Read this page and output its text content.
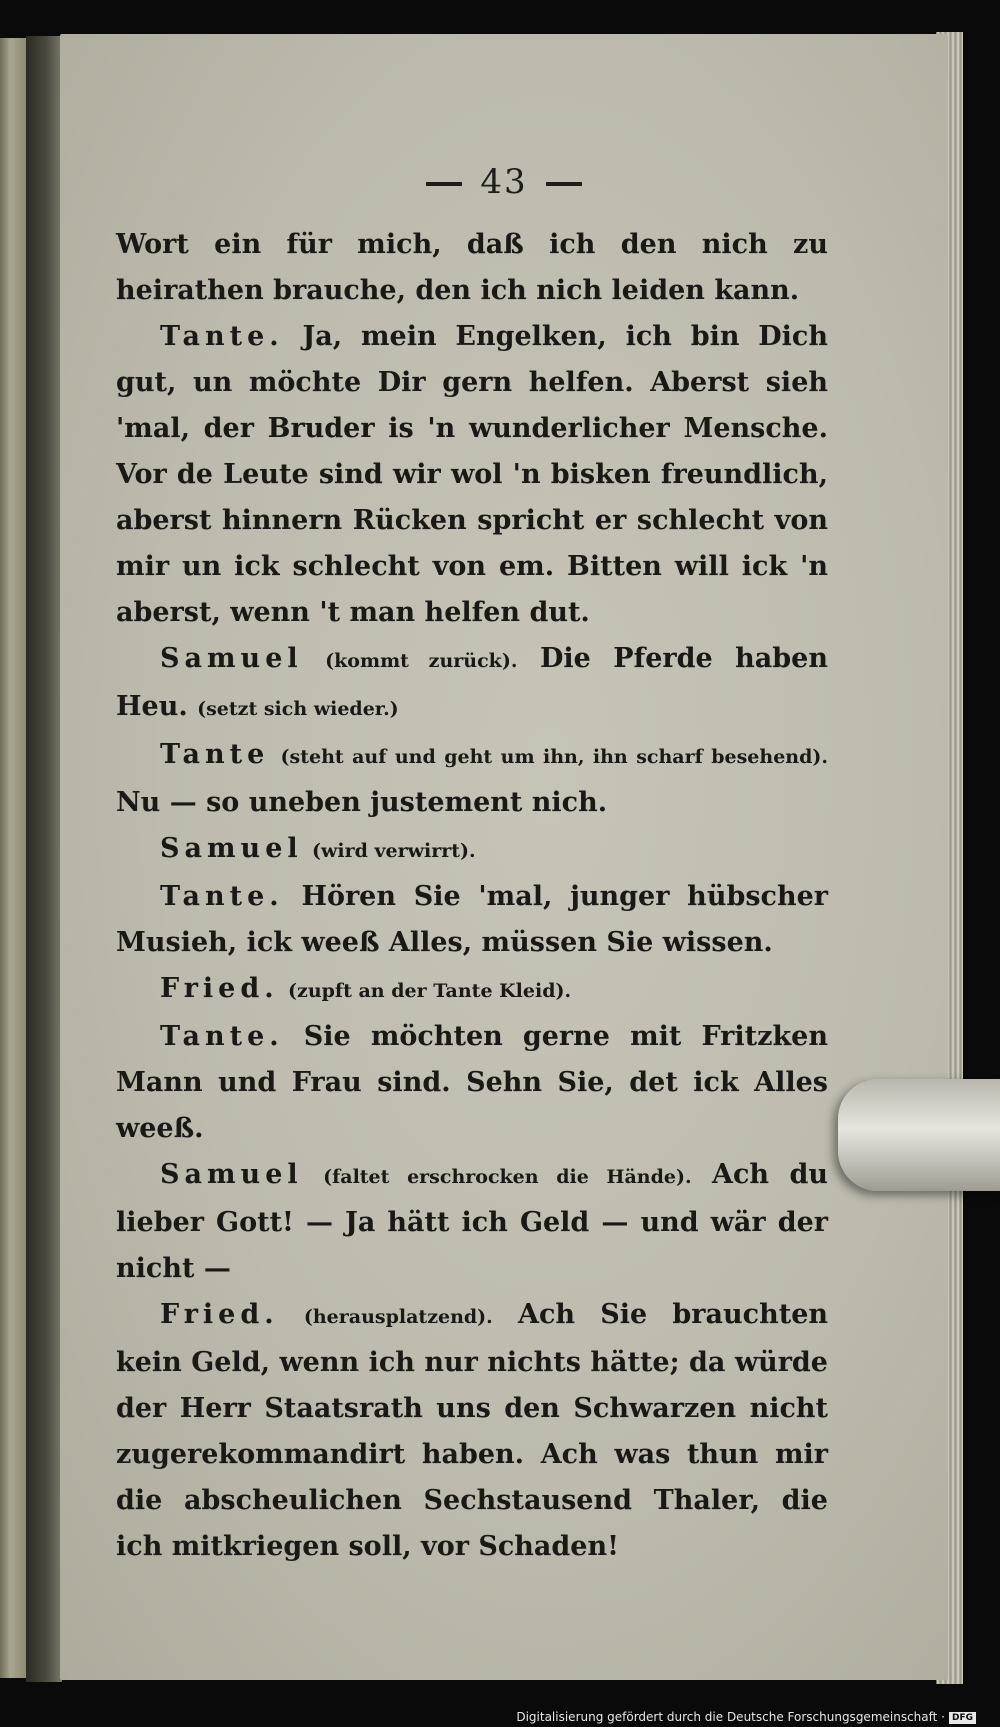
43

Wort ein für mich, daß ich den nich zu heirathen brauche, den ich nich leiden kann.

Tante. Ja, mein Engelken, ich bin Dich gut, un möchte Dir gern helfen. Aberst sieh 'mal, der Bruder is 'n wunderlicher Mensche. Vor de Leute sind wir wol 'n bisken freundlich, aberst hinnern Rücken spricht er schlecht von mir un ick schlecht von em. Bitten will ick 'n aberst, wenn 't man helfen dut.

Samuel (kommt zurück). Die Pferde haben Heu. (setzt sich wieder.)

Tante (steht auf und geht um ihn, ihn scharf besehend). Nu — so uneben justement nich.

Samuel (wird verwirrt).

Tante. Hören Sie 'mal, junger hübscher Musieh, ick weeß Alles, müssen Sie wissen.

Fried. (zupft an der Tante Kleid).

Tante. Sie möchten gerne mit Fritzken Mann und Frau sind. Sehn Sie, det ick Alles weeß.

Samuel (faltet erschrocken die Hände). Ach du lieber Gott! — Ja hätt ich Geld — und wär der nicht —

Fried. (herausplatzend). Ach Sie brauchten kein Geld, wenn ich nur nichts hätte; da würde der Herr Staatsrath uns den Schwarzen nicht zugerekommandirt haben. Ach was thun mir die abscheulichen Sechstausend Thaler, die ich mitkriegen soll, vor Schaden!

Digitalisierung gefördert durch die Deutsche Forschungsgemeinschaft · DFG
